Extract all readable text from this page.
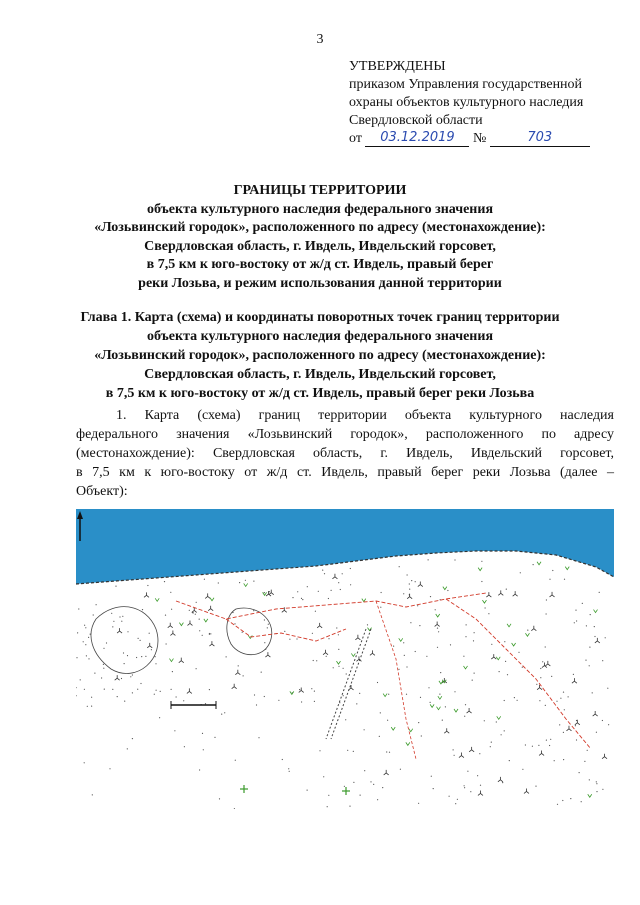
3
УТВЕРЖДЕНЫ
приказом Управления государственной
охраны объектов культурного наследия
Свердловской области
от 03.12.2019 №	703
ГРАНИЦЫ ТЕРРИТОРИИ
объекта культурного наследия федерального значения
«Лозьвинский городок», расположенного по адресу (местонахождение):
Свердловская область, г. Ивдель, Ивдельский горсовет,
в 7,5 км к юго-востоку от ж/д ст. Ивдель, правый берег
реки Лозьва, и режим использования данной территории
Глава 1. Карта (схема) и координаты поворотных точек границ территории
объекта культурного наследия федерального значения
«Лозьвинский городок», расположенного по адресу (местонахождение):
Свердловская область, г. Ивдель, Ивдельский горсовет,
в 7,5 км к юго-востоку от ж/д ст. Ивдель, правый берег реки Лозьва
1. Карта (схема) границ территории объекта культурного наследия
федерального значения «Лозьвинский городок», расположенного по адресу
(местонахождение): Свердловская область, г. Ивдель, Ивдельский горсовет,
в 7,5 км к юго-востоку от ж/д ст. Ивдель, правый берег реки Лозьва (далее –
Объект):
